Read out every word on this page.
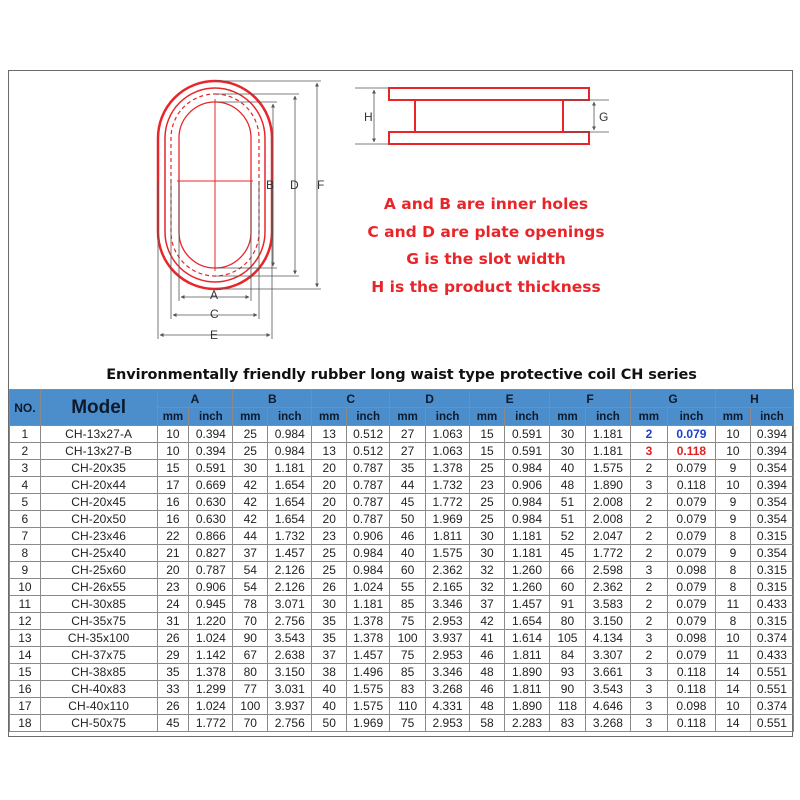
A
C
E
B D F
H	G
A and B are inner holes
C and D are plate openings
G is the slot width
H is the product thickness
Environmentally friendly rubber long waist type protective coil CH series
NO.	Model	A		B		C		D		E		F		G		H	
		mm	inch	mm	inch	mm	inch	mm	inch	mm	inch	mm	inch	mm	inch	mm	inch
1	CH-13x27-A	10	0.394	25	0.984	13	0.512	27	1.063	15	0.591	30	1.181	2	0.079	10	0.394
2	CH-13x27-B	10	0.394	25	0.984	13	0.512	27	1.063	15	0.591	30	1.181	3	0.118	10	0.394
3	CH-20x35	15	0.591	30	1.181	20	0.787	35	1.378	25	0.984	40	1.575	2	0.079	9	0.354
4	CH-20x44	17	0.669	42	1.654	20	0.787	44	1.732	23	0.906	48	1.890	3	0.118	10	0.394
5	CH-20x45	16	0.630	42	1.654	20	0.787	45	1.772	25	0.984	51	2.008	2	0.079	9	0.354
6	CH-20x50	16	0.630	42	1.654	20	0.787	50	1.969	25	0.984	51	2.008	2	0.079	9	0.354
7	CH-23x46	22	0.866	44	1.732	23	0.906	46	1.811	30	1.181	52	2.047	2	0.079	8	0.315
8	CH-25x40	21	0.827	37	1.457	25	0.984	40	1.575	30	1.181	45	1.772	2	0.079	9	0.354
9	CH-25x60	20	0.787	54	2.126	25	0.984	60	2.362	32	1.260	66	2.598	3	0.098	8	0.315
10	CH-26x55	23	0.906	54	2.126	26	1.024	55	2.165	32	1.260	60	2.362	2	0.079	8	0.315
11	CH-30x85	24	0.945	78	3.071	30	1.181	85	3.346	37	1.457	91	3.583	2	0.079	11	0.433
12	CH-35x75	31	1.220	70	2.756	35	1.378	75	2.953	42	1.654	80	3.150	2	0.079	8	0.315
13	CH-35x100	26	1.024	90	3.543	35	1.378	100	3.937	41	1.614	105	4.134	3	0.098	10	0.374
14	CH-37x75	29	1.142	67	2.638	37	1.457	75	2.953	46	1.811	84	3.307	2	0.079	11	0.433
15	CH-38x85	35	1.378	80	3.150	38	1.496	85	3.346	48	1.890	93	3.661	3	0.118	14	0.551
16	CH-40x83	33	1.299	77	3.031	40	1.575	83	3.268	46	1.811	90	3.543	3	0.118	14	0.551
17	CH-40x110	26	1.024	100	3.937	40	1.575	110	4.331	48	1.890	118	4.646	3	0.098	10	0.374
18	CH-50x75	45	1.772	70	2.756	50	1.969	75	2.953	58	2.283	83	3.268	3	0.118	14	0.551
